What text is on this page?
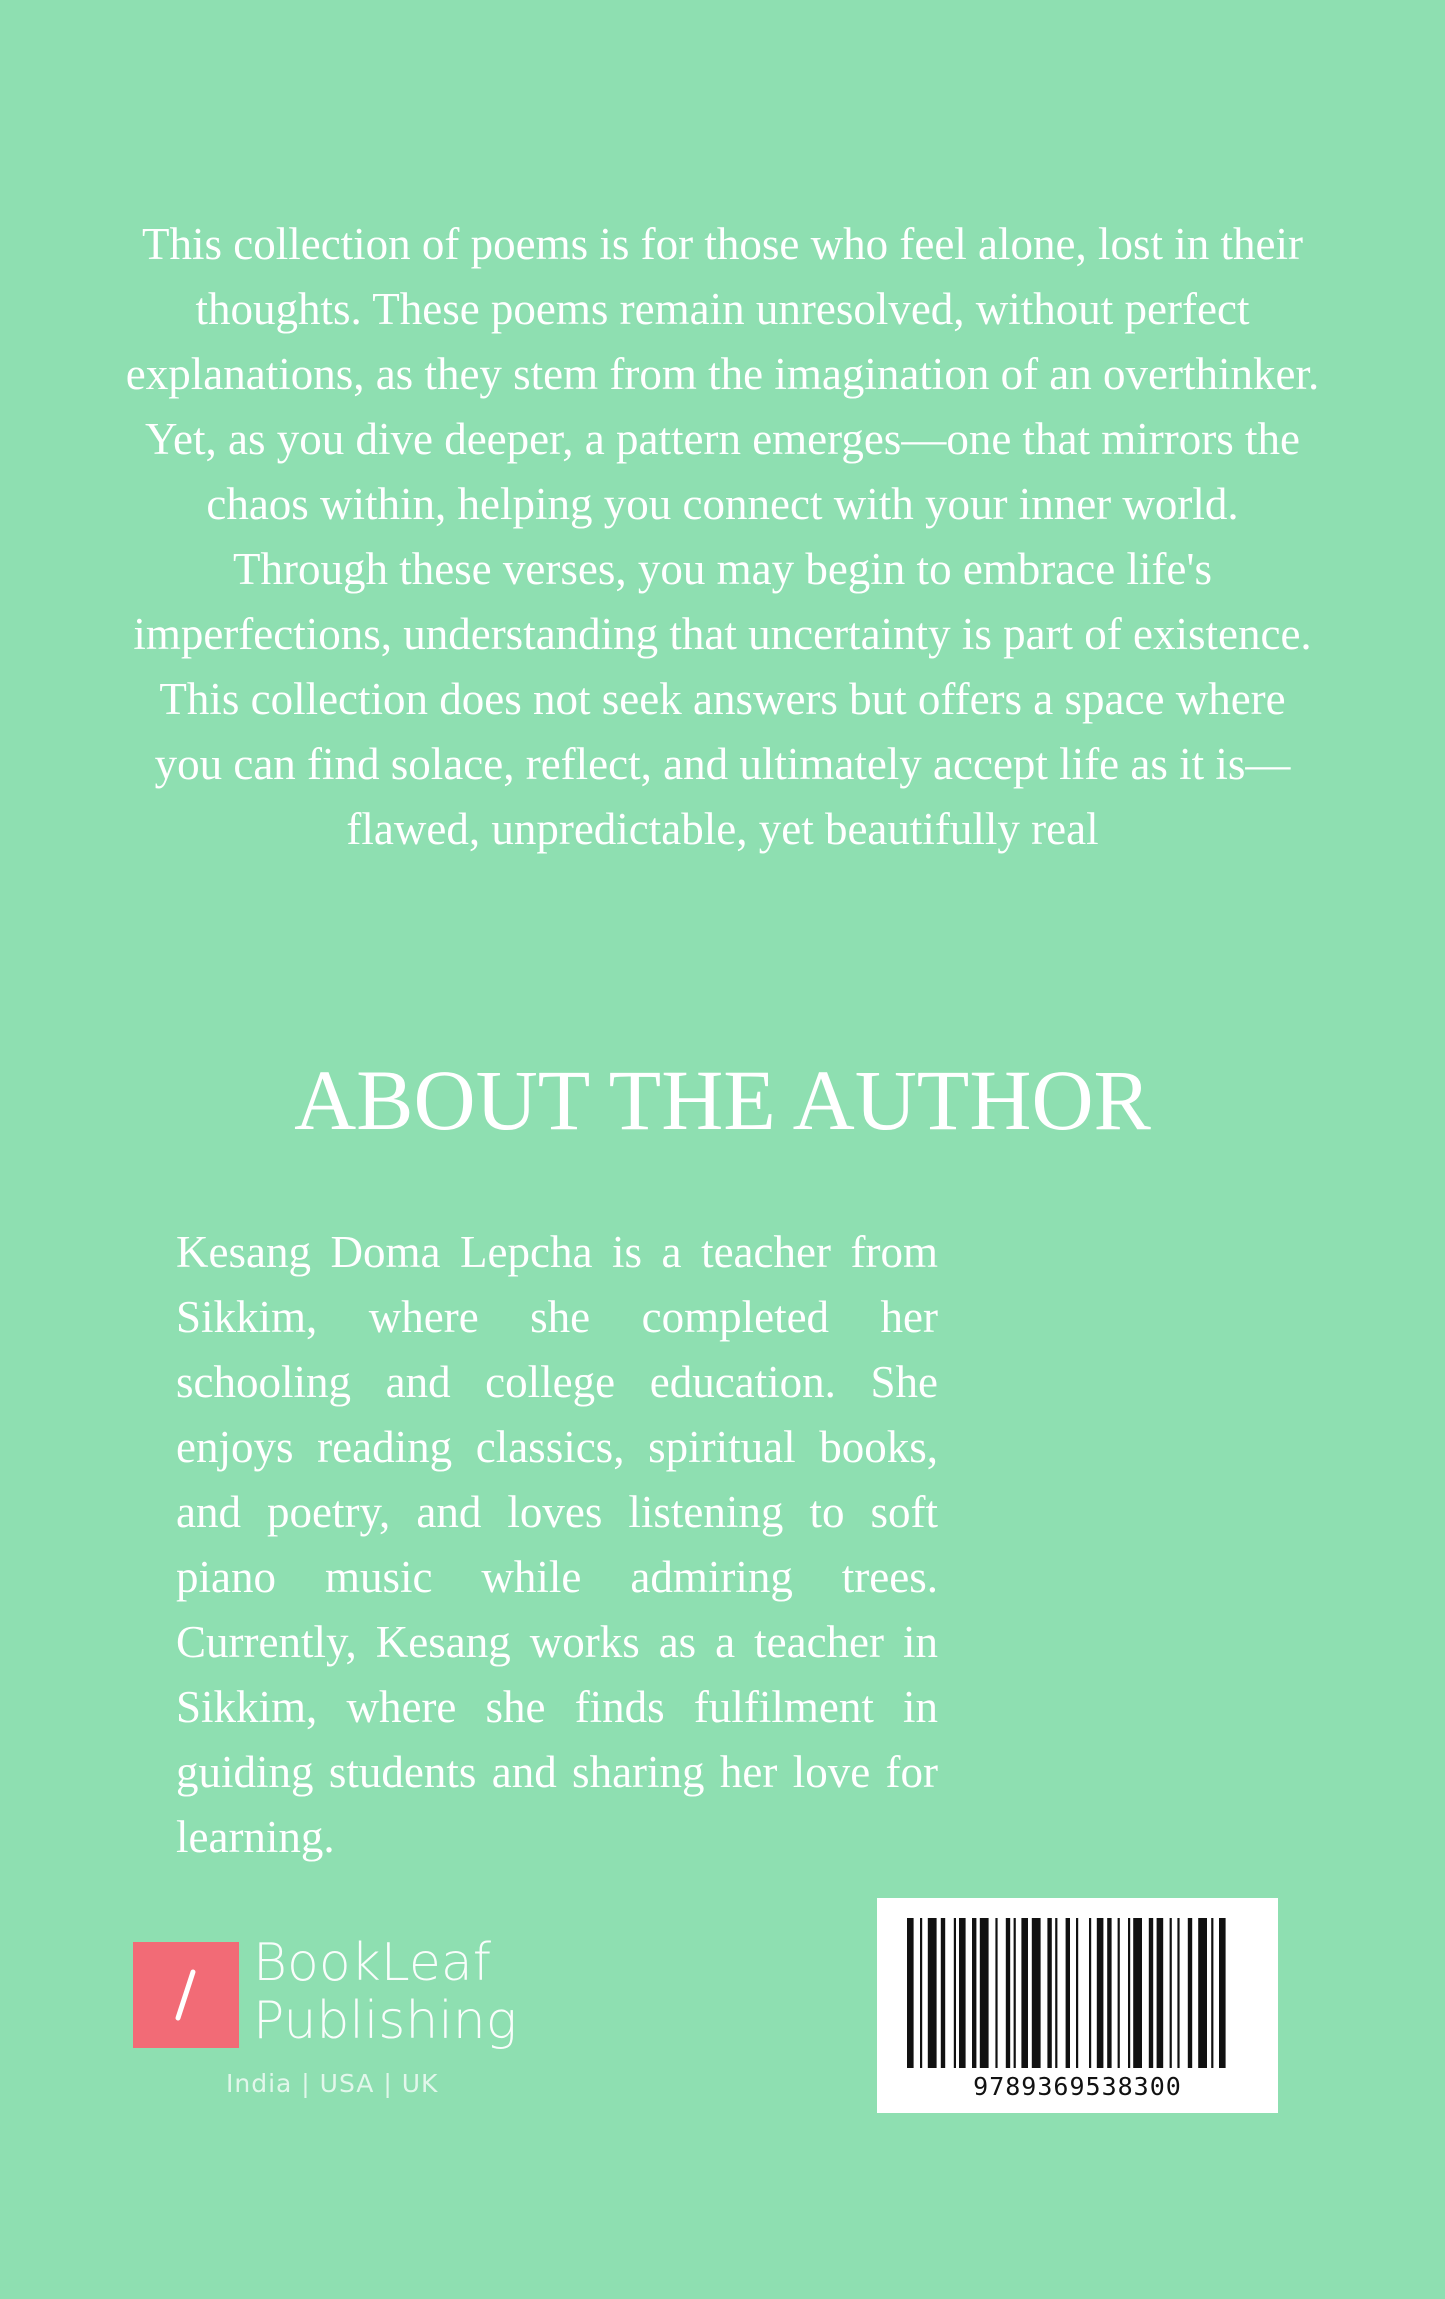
This collection of poems is for those who feel alone, lost in their thoughts. These poems remain unresolved, without perfect explanations, as they stem from the imagination of an overthinker. Yet, as you dive deeper, a pattern emerges—one that mirrors the chaos within, helping you connect with your inner world. Through these verses, you may begin to embrace life's imperfections, understanding that uncertainty is part of existence. This collection does not seek answers but offers a space where you can find solace, reflect, and ultimately accept life as it is—flawed, unpredictable, yet beautifully real

ABOUT THE AUTHOR

Kesang Doma Lepcha is a teacher from Sikkim, where she completed her schooling and college education. She enjoys reading classics, spiritual books, and poetry, and loves listening to soft piano music while admiring trees. Currently, Kesang works as a teacher in Sikkim, where she finds fulfilment in guiding students and sharing her love for learning.

BookLeaf
Publishing
India | USA | UK	9789369538300
